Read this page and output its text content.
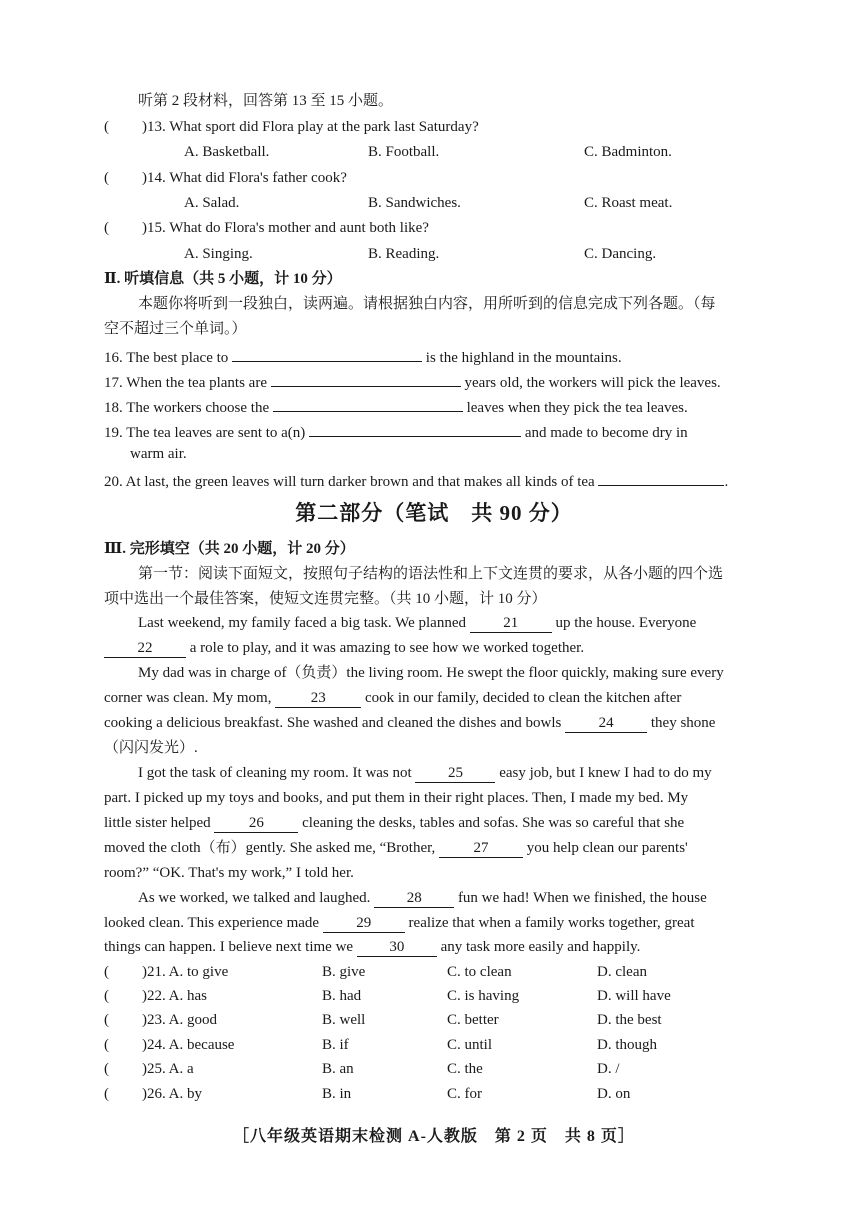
听第 2 段材料，回答第 13 至 15 小题。
( )13. What sport did Flora play at the park last Saturday?
A. Basketball.	B. Football.	C. Badminton.
( )14. What did Flora's father cook?
A. Salad.	B. Sandwiches.	C. Roast meat.
( )15. What do Flora's mother and aunt both like?
A. Singing.	B. Reading.	C. Dancing.
Ⅱ. 听填信息（共 5 小题，计 10 分）
本题你将听到一段独白，读两遍。请根据独白内容，用所听到的信息完成下列各题。（每
空不超过三个单词。）
16. The best place to	is the highland in the mountains.
17. When the tea plants are	years old, the workers will pick the leaves.
18. The workers choose the	leaves when they pick the tea leaves.
19. The tea leaves are sent to a(n)	and made to become dry in
warm air.
20. At last, the green leaves will turn darker brown and that makes all kinds of tea	.
第二部分（笔试　共 90 分）
Ⅲ. 完形填空（共 20 小题，计 20 分）
第一节：阅读下面短文，按照句子结构的语法性和上下文连贯的要求，从各小题的四个选
项中选出一个最佳答案，使短文连贯完整。（共 10 小题，计 10 分）
Last weekend, my family faced a big task. We planned 21 up the house. Everyone
22 a role to play, and it was amazing to see how we worked together.
My dad was in charge of（负责）the living room. He swept the floor quickly, making sure every
corner was clean. My mom,	23	cook in our family, decided to clean the kitchen after
cooking a delicious breakfast. She washed and cleaned the dishes and bowls 24 they shone
（闪闪发光）.
I got the task of cleaning my room. It was not 25 easy job, but I knew I had to do my
part. I picked up my toys and books, and put them in their right places. Then, I made my bed. My
little sister helped	26	cleaning the desks, tables and sofas. She was so careful that she
moved the cloth（布）gently. She asked me, “Brother,	27	you help clean our parents'
room?” “OK. That's my work,” I told her.
As we worked, we talked and laughed. 28 fun we had! When we finished, the house
looked clean. This experience made 29 realize that when a family works together, great
things can happen. I believe next time we 30 any task more easily and happily.
( )21. A. to give	B. give	C. to clean	D. clean
( )22. A. has	B. had	C. is having	D. will have
( )23. A. good	B. well	C. better	D. the best
( )24. A. because	B. if	C. until	D. though
( )25. A. a	B. an	C. the	D. /
( )26. A. by	B. in	C. for	D. on
［八年级英语期末检测 A-人教版　第 2 页　共 8 页］
